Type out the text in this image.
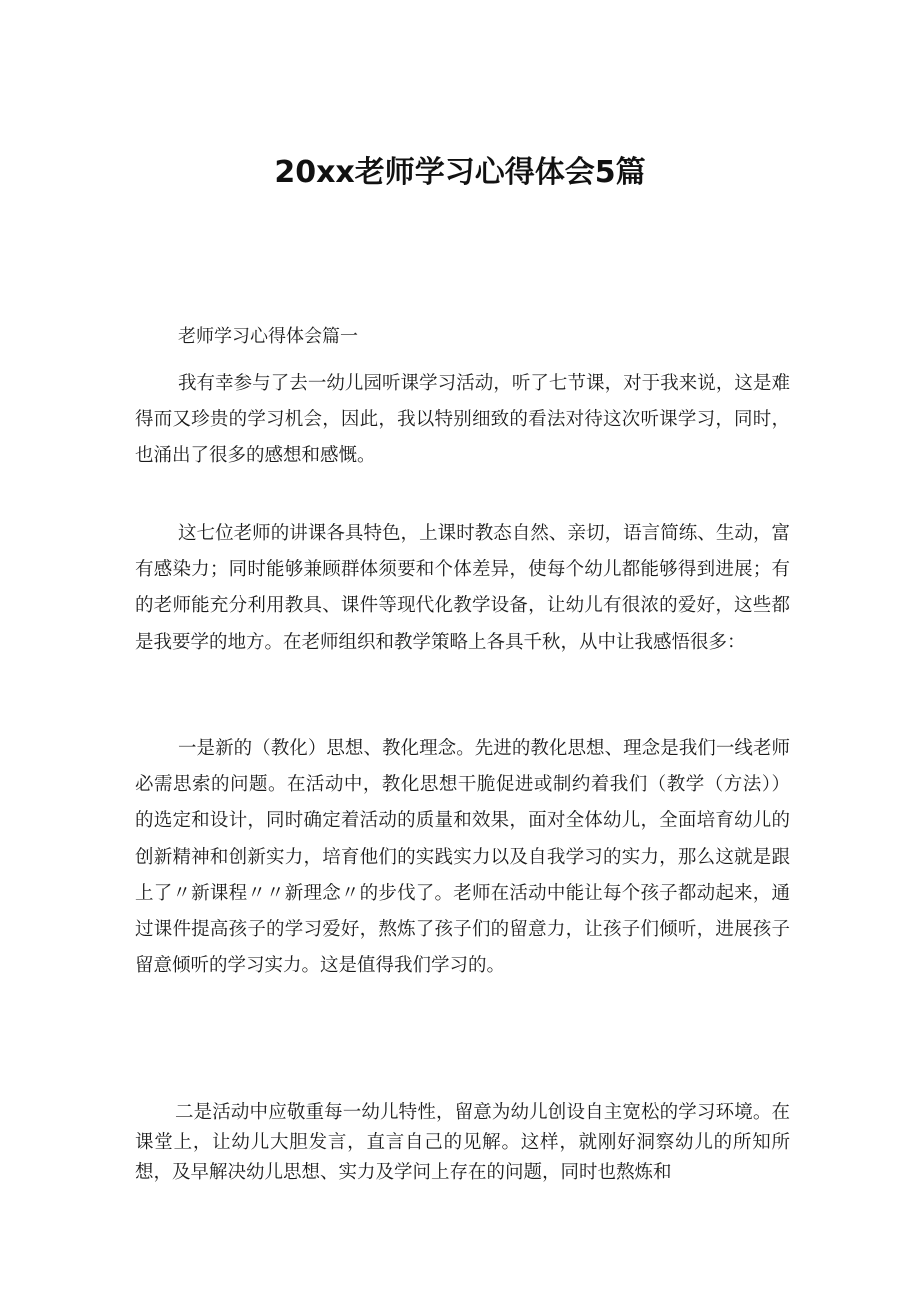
20xx老师学习心得体会5篇

老师学习心得体会篇一

我有幸参与了去一幼儿园听课学习活动，听了七节课，对于我来说，这是难得而又珍贵的学习机会，因此，我以特别细致的看法对待这次听课学习，同时，也涌出了很多的感想和感慨。

这七位老师的讲课各具特色，上课时教态自然、亲切，语言简练、生动，富有感染力；同时能够兼顾群体须要和个体差异，使每个幼儿都能够得到进展；有的老师能充分利用教具、课件等现代化教学设备，让幼儿有很浓的爱好，这些都是我要学的地方。在老师组织和教学策略上各具千秋，从中让我感悟很多：

一是新的（教化）思想、教化理念。先进的教化思想、理念是我们一线老师必需思索的问题。在活动中，教化思想干脆促进或制约着我们（教学（方法））的选定和设计，同时确定着活动的质量和效果，面对全体幼儿，全面培育幼儿的创新精神和创新实力，培育他们的实践实力以及自我学习的实力，那么这就是跟上了〃新课程〃〃新理念〃的步伐了。老师在活动中能让每个孩子都动起来，通过课件提高孩子的学习爱好，熬炼了孩子们的留意力，让孩子们倾听，进展孩子留意倾听的学习实力。这是值得我们学习的。

二是活动中应敬重每一幼儿特性，留意为幼儿创设自主宽松的学习环境。在课堂上，让幼儿大胆发言，直言自己的见解。这样，就刚好洞察幼儿的所知所想，及早解决幼儿思想、实力及学问上存在的问题，同时也熬炼和
